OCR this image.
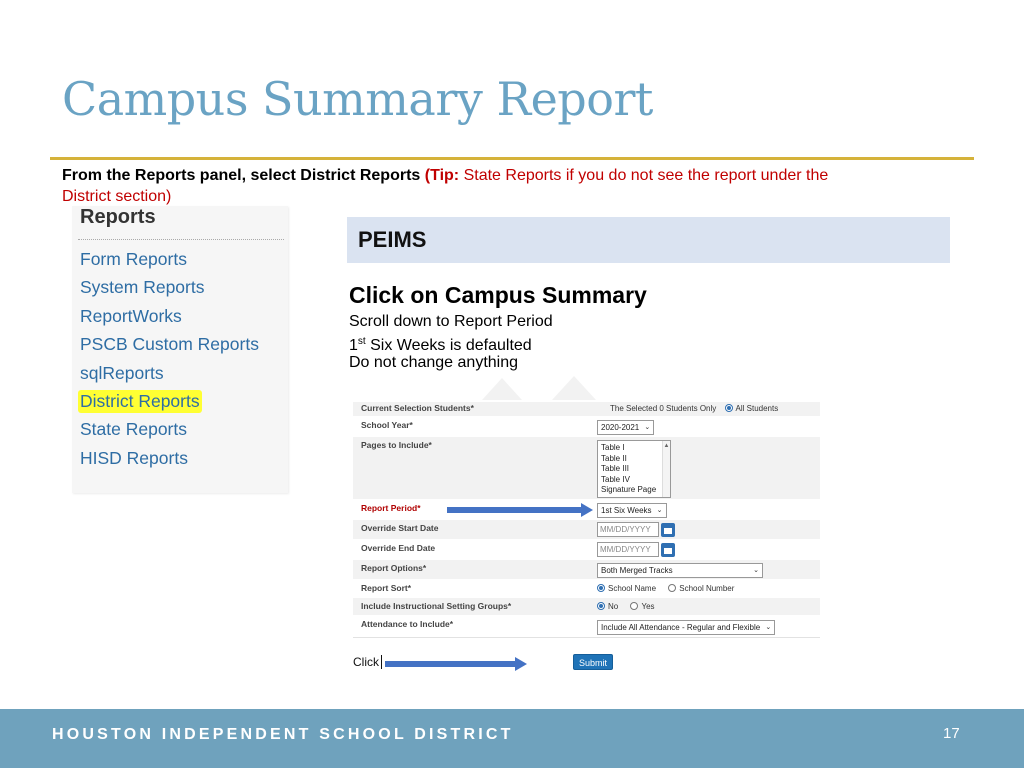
Campus Summary Report
From the Reports panel, select District Reports (Tip: State Reports if you do not see the report under the District section)
Reports
Form Reports
System Reports
ReportWorks
PSCB Custom Reports
sqlReports
District Reports
State Reports
HISD Reports
PEIMS
Click on Campus Summary
Scroll down to Report Period
1st Six Weeks is defaulted
Do not change anything
Current Selection Students*	The Selected 0 Students Only All Students
School Year*	2020-2021 ⌄
Pages to Include*	Table I
Table II
Table III
Table IV
Signature Page
▲
Report Period*	1st Six Weeks ⌄
Override Start Date	MM/DD/YYYY
Override End Date	MM/DD/YYYY
Report Options*	Both Merged Tracks	⌄
Report Sort*	School Name	School Number
Include Instructional Setting Groups*	No	Yes
Attendance to Include*	Include All Attendance - Regular and Flexible ⌄
Click	Submit
HOUSTON INDEPENDENT SCHOOL DISTRICT	17
